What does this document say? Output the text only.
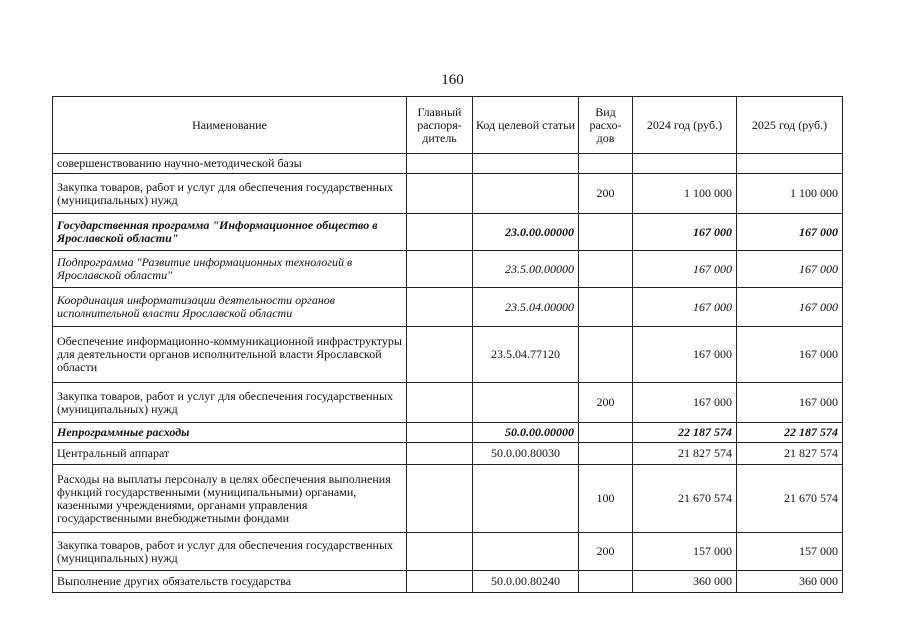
160
Наименование	Главный распоря-дитель	Код целевой статьи	Вид расхо-дов	2024 год (руб.)	2025 год (руб.)
совершенствованию научно-методической базы					
Закупка товаров, работ и услуг для обеспечения государственных (муниципальных) нужд			200	1 100 000	1 100 000
Государственная программа "Информационное общество в Ярославской области"		23.0.00.00000		167 000	167 000
Подпрограмма "Развитие информационных технологий в Ярославской области"		23.5.00.00000		167 000	167 000
Координация информатизации деятельности органов исполнительной власти Ярославской области		23.5.04.00000		167 000	167 000
Обеспечение информационно-коммуникационной инфраструктуры для деятельности органов исполнительной власти Ярославской области		23.5.04.77120		167 000	167 000
Закупка товаров, работ и услуг для обеспечения государственных (муниципальных) нужд			200	167 000	167 000
Непрограммные расходы		50.0.00.00000		22 187 574	22 187 574
Центральный аппарат		50.0.00.80030		21 827 574	21 827 574
Расходы на выплаты персоналу в целях обеспечения выполнения функций государственными (муниципальными) органами, казенными учреждениями, органами управления государственными внебюджетными фондами			100	21 670 574	21 670 574
Закупка товаров, работ и услуг для обеспечения государственных (муниципальных) нужд			200	157 000	157 000
Выполнение других обязательств государства		50.0.00.80240		360 000	360 000
